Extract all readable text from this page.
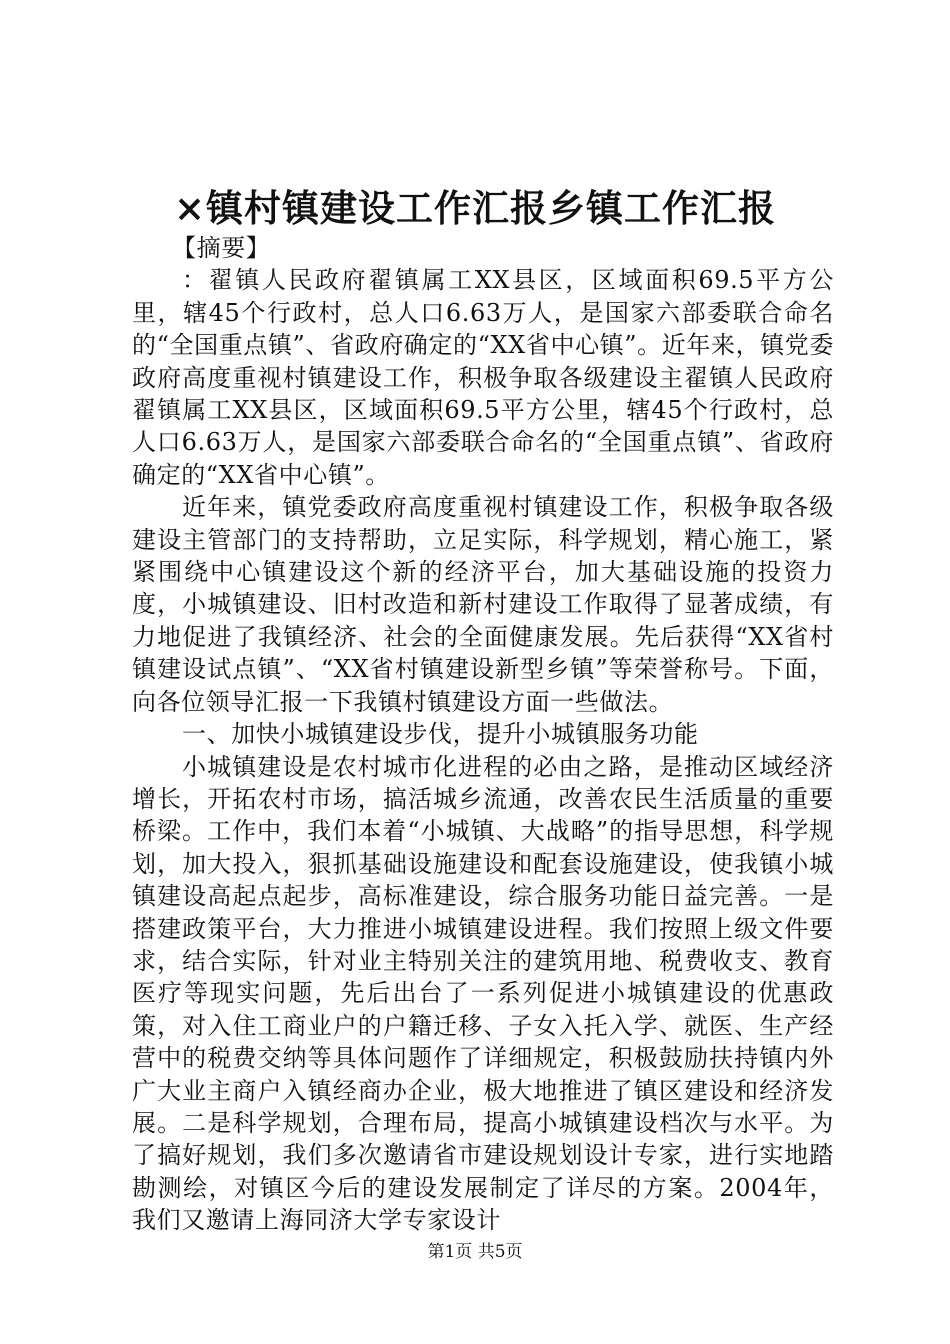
×镇村镇建设工作汇报乡镇工作汇报

【摘要】

：翟镇人民政府翟镇属工XX县区，区域面积69.5平方公里，辖45个行政村，总人口6.63万人，是国家六部委联合命名的“全国重点镇”、省政府确定的“XX省中心镇”。近年来，镇党委政府高度重视村镇建设工作，积极争取各级建设主翟镇人民政府翟镇属工XX县区，区域面积69.5平方公里，辖45个行政村，总人口6.63万人，是国家六部委联合命名的“全国重点镇”、省政府确定的“XX省中心镇”。

近年来，镇党委政府高度重视村镇建设工作，积极争取各级建设主管部门的支持帮助，立足实际，科学规划，精心施工，紧紧围绕中心镇建设这个新的经济平台，加大基础设施的投资力度，小城镇建设、旧村改造和新村建设工作取得了显著成绩，有力地促进了我镇经济、社会的全面健康发展。先后获得“XX省村镇建设试点镇”、“XX省村镇建设新型乡镇”等荣誉称号。下面，向各位领导汇报一下我镇村镇建设方面一些做法。

一、加快小城镇建设步伐，提升小城镇服务功能

小城镇建设是农村城市化进程的必由之路，是推动区域经济增长，开拓农村市场，搞活城乡流通，改善农民生活质量的重要桥梁。工作中，我们本着“小城镇、大战略”的指导思想，科学规划，加大投入，狠抓基础设施建设和配套设施建设，使我镇小城镇建设高起点起步，高标准建设，综合服务功能日益完善。一是搭建政策平台，大力推进小城镇建设进程。我们按照上级文件要求，结合实际，针对业主特别关注的建筑用地、税费收支、教育医疗等现实问题，先后出台了一系列促进小城镇建设的优惠政策，对入住工商业户的户籍迁移、子女入托入学、就医、生产经营中的税费交纳等具体问题作了详细规定，积极鼓励扶持镇内外广大业主商户入镇经商办企业，极大地推进了镇区建设和经济发展。二是科学规划，合理布局，提高小城镇建设档次与水平。为了搞好规划，我们多次邀请省市建设规划设计专家，进行实地踏勘测绘，对镇区今后的建设发展制定了详尽的方案。2004年，我们又邀请上海同济大学专家设计

第1页 共5页
